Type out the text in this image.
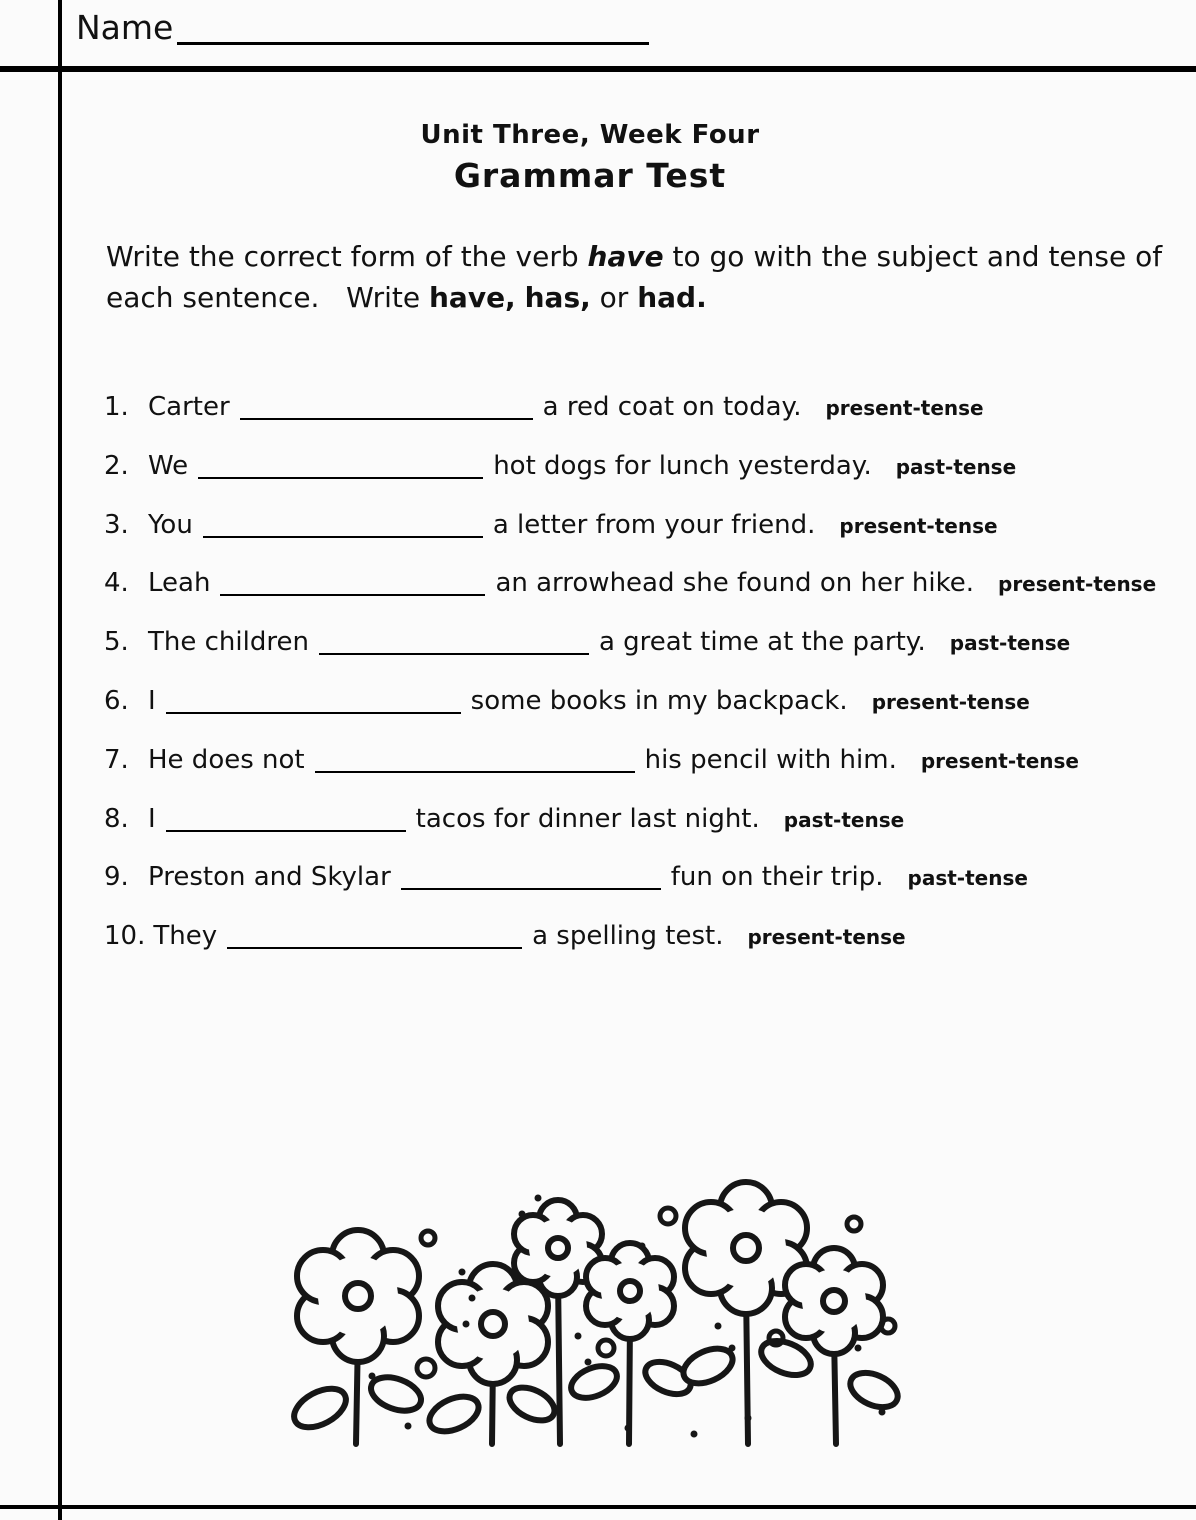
Name
Unit Three, Week Four
Grammar Test
Write the correct form of the verb have to go with the subject and tense of
each sentence.   Write have, has, or had.
1. Carter	a red coat on today. present-tense
2. We	hot dogs for lunch yesterday. past-tense
3. You	a letter from your friend. present-tense
4. Leah	an arrowhead she found on her hike. present-tense
5. The children	a great time at the party. past-tense
6. I	some books in my backpack. present-tense
7. He does not	his pencil with him. present-tense
8. I	tacos for dinner last night. past-tense
9. Preston and Skylar	fun on their trip. past-tense
10. They	a spelling test. present-tense
